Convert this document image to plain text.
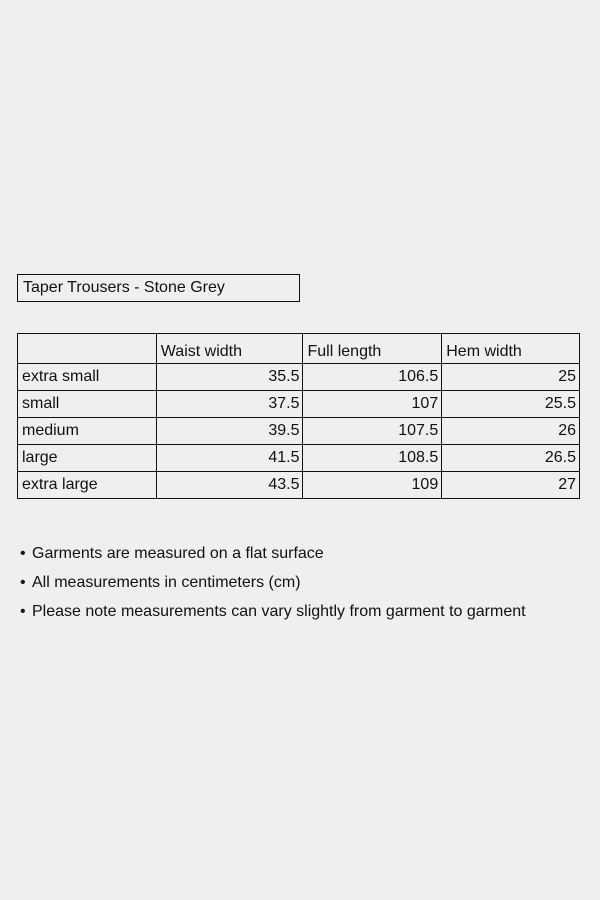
Taper Trousers - Stone Grey
	Waist width	Full length	Hem width
extra small	35.5	106.5	25
small	37.5	107	25.5
medium	39.5	107.5	26
large	41.5	108.5	26.5
extra large	43.5	109	27
• Garments are measured on a flat surface
• All measurements in centimeters (cm)
• Please note measurements can vary slightly from garment to garment
